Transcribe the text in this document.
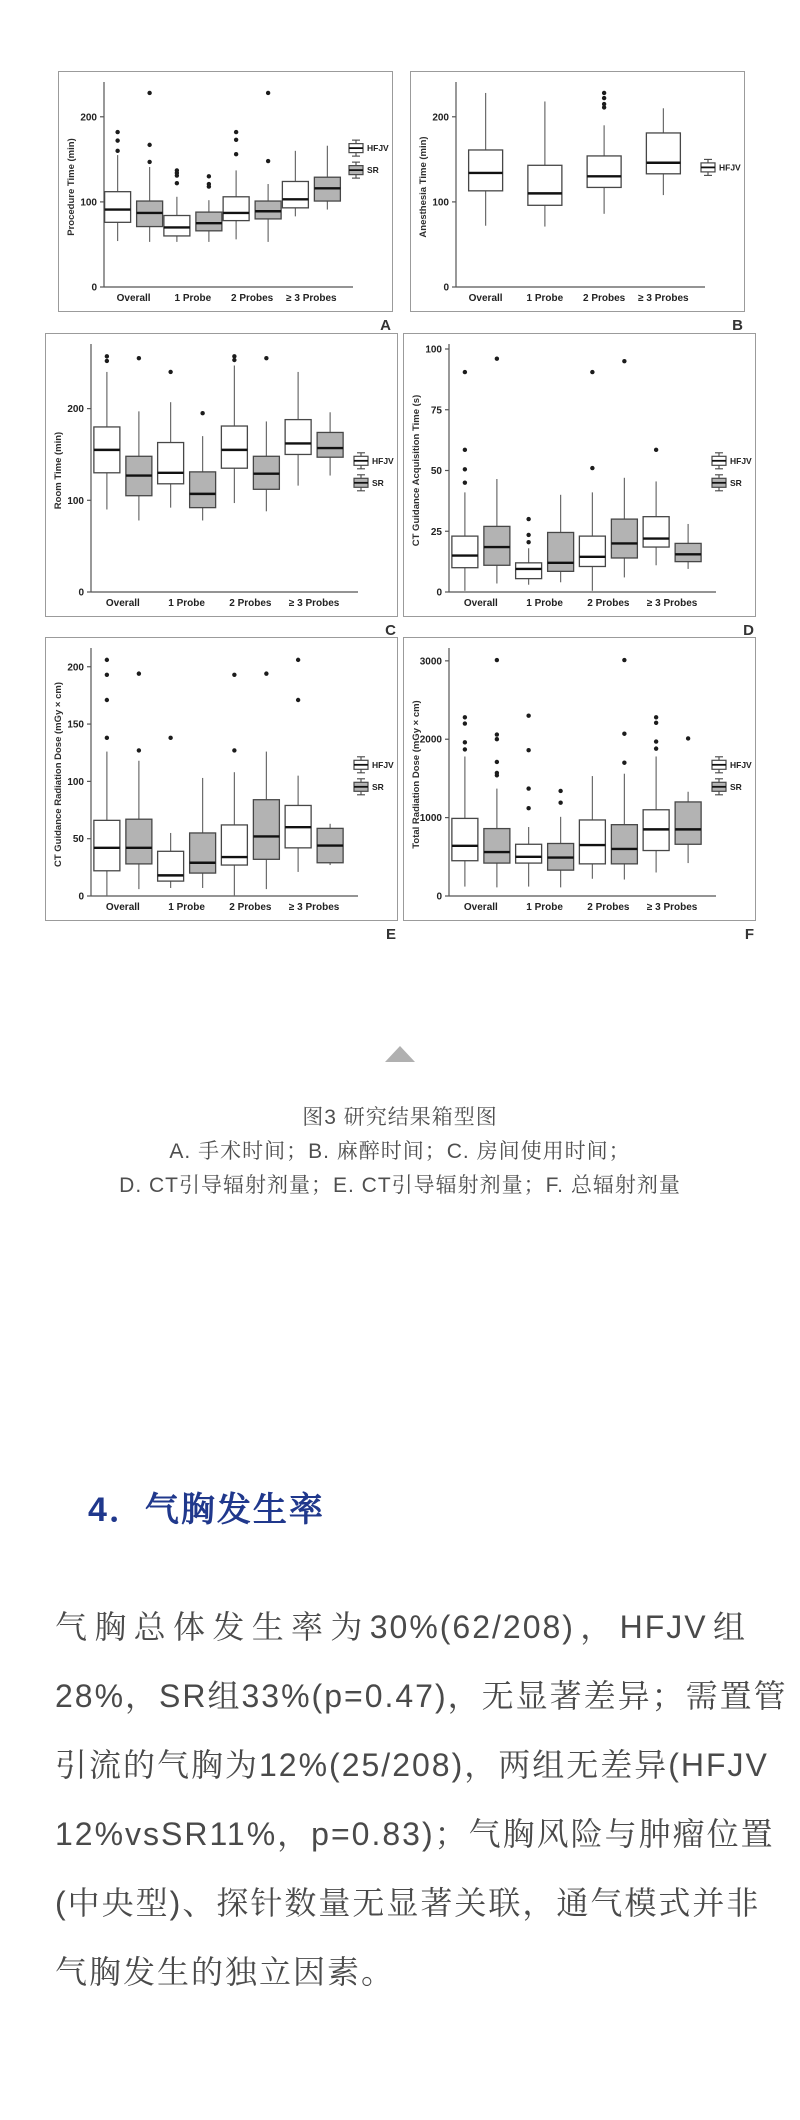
0
100
200
Procedure Time (min)
Overall 1 Probe 2 Probes ≥ 3 Probes
HFJV
SR
A
0
100
200
Anesthesia Time (min)
Overall 1 Probe 2 Probes ≥ 3 Probes
HFJV
B
0
100
200
Room Time (min)
Overall	1 Probe 2 Probes ≥ 3 Probes
HFJV
SR
C
0
25
50
75
100
CT Guidance Acquisition Time (s)
Overall	1 Probe 2 Probes ≥ 3 Probes
HFJV
SR
D
0
50
100
150
200
CT Guidance Radiation Dose (mGy × cm)
Overall	1 Probe 2 Probes ≥ 3 Probes
HFJV
SR
E
0
1000
2000
3000
Total Radiation Dose (mGy × cm)
Overall	1 Probe 2 Probes ≥ 3 Probes
HFJV
SR
F
图3 研究结果箱型图
A. 手术时间；B. 麻醉时间；C. 房间使用时间；
D. CT引导辐射剂量；E. CT引导辐射剂量；F. 总辐射剂量
4．气胸发生率
气胸总体发生率为30%(62/208)，HFJV组
28%，SR组33%(p=0.47)，无显著差异；需置管
引流的气胸为12%(25/208)，两组无差异(HFJV
12%vsSR11%，p=0.83)；气胸风险与肿瘤位置
(中央型)、探针数量无显著关联，通气模式并非
气胸发生的独立因素。
